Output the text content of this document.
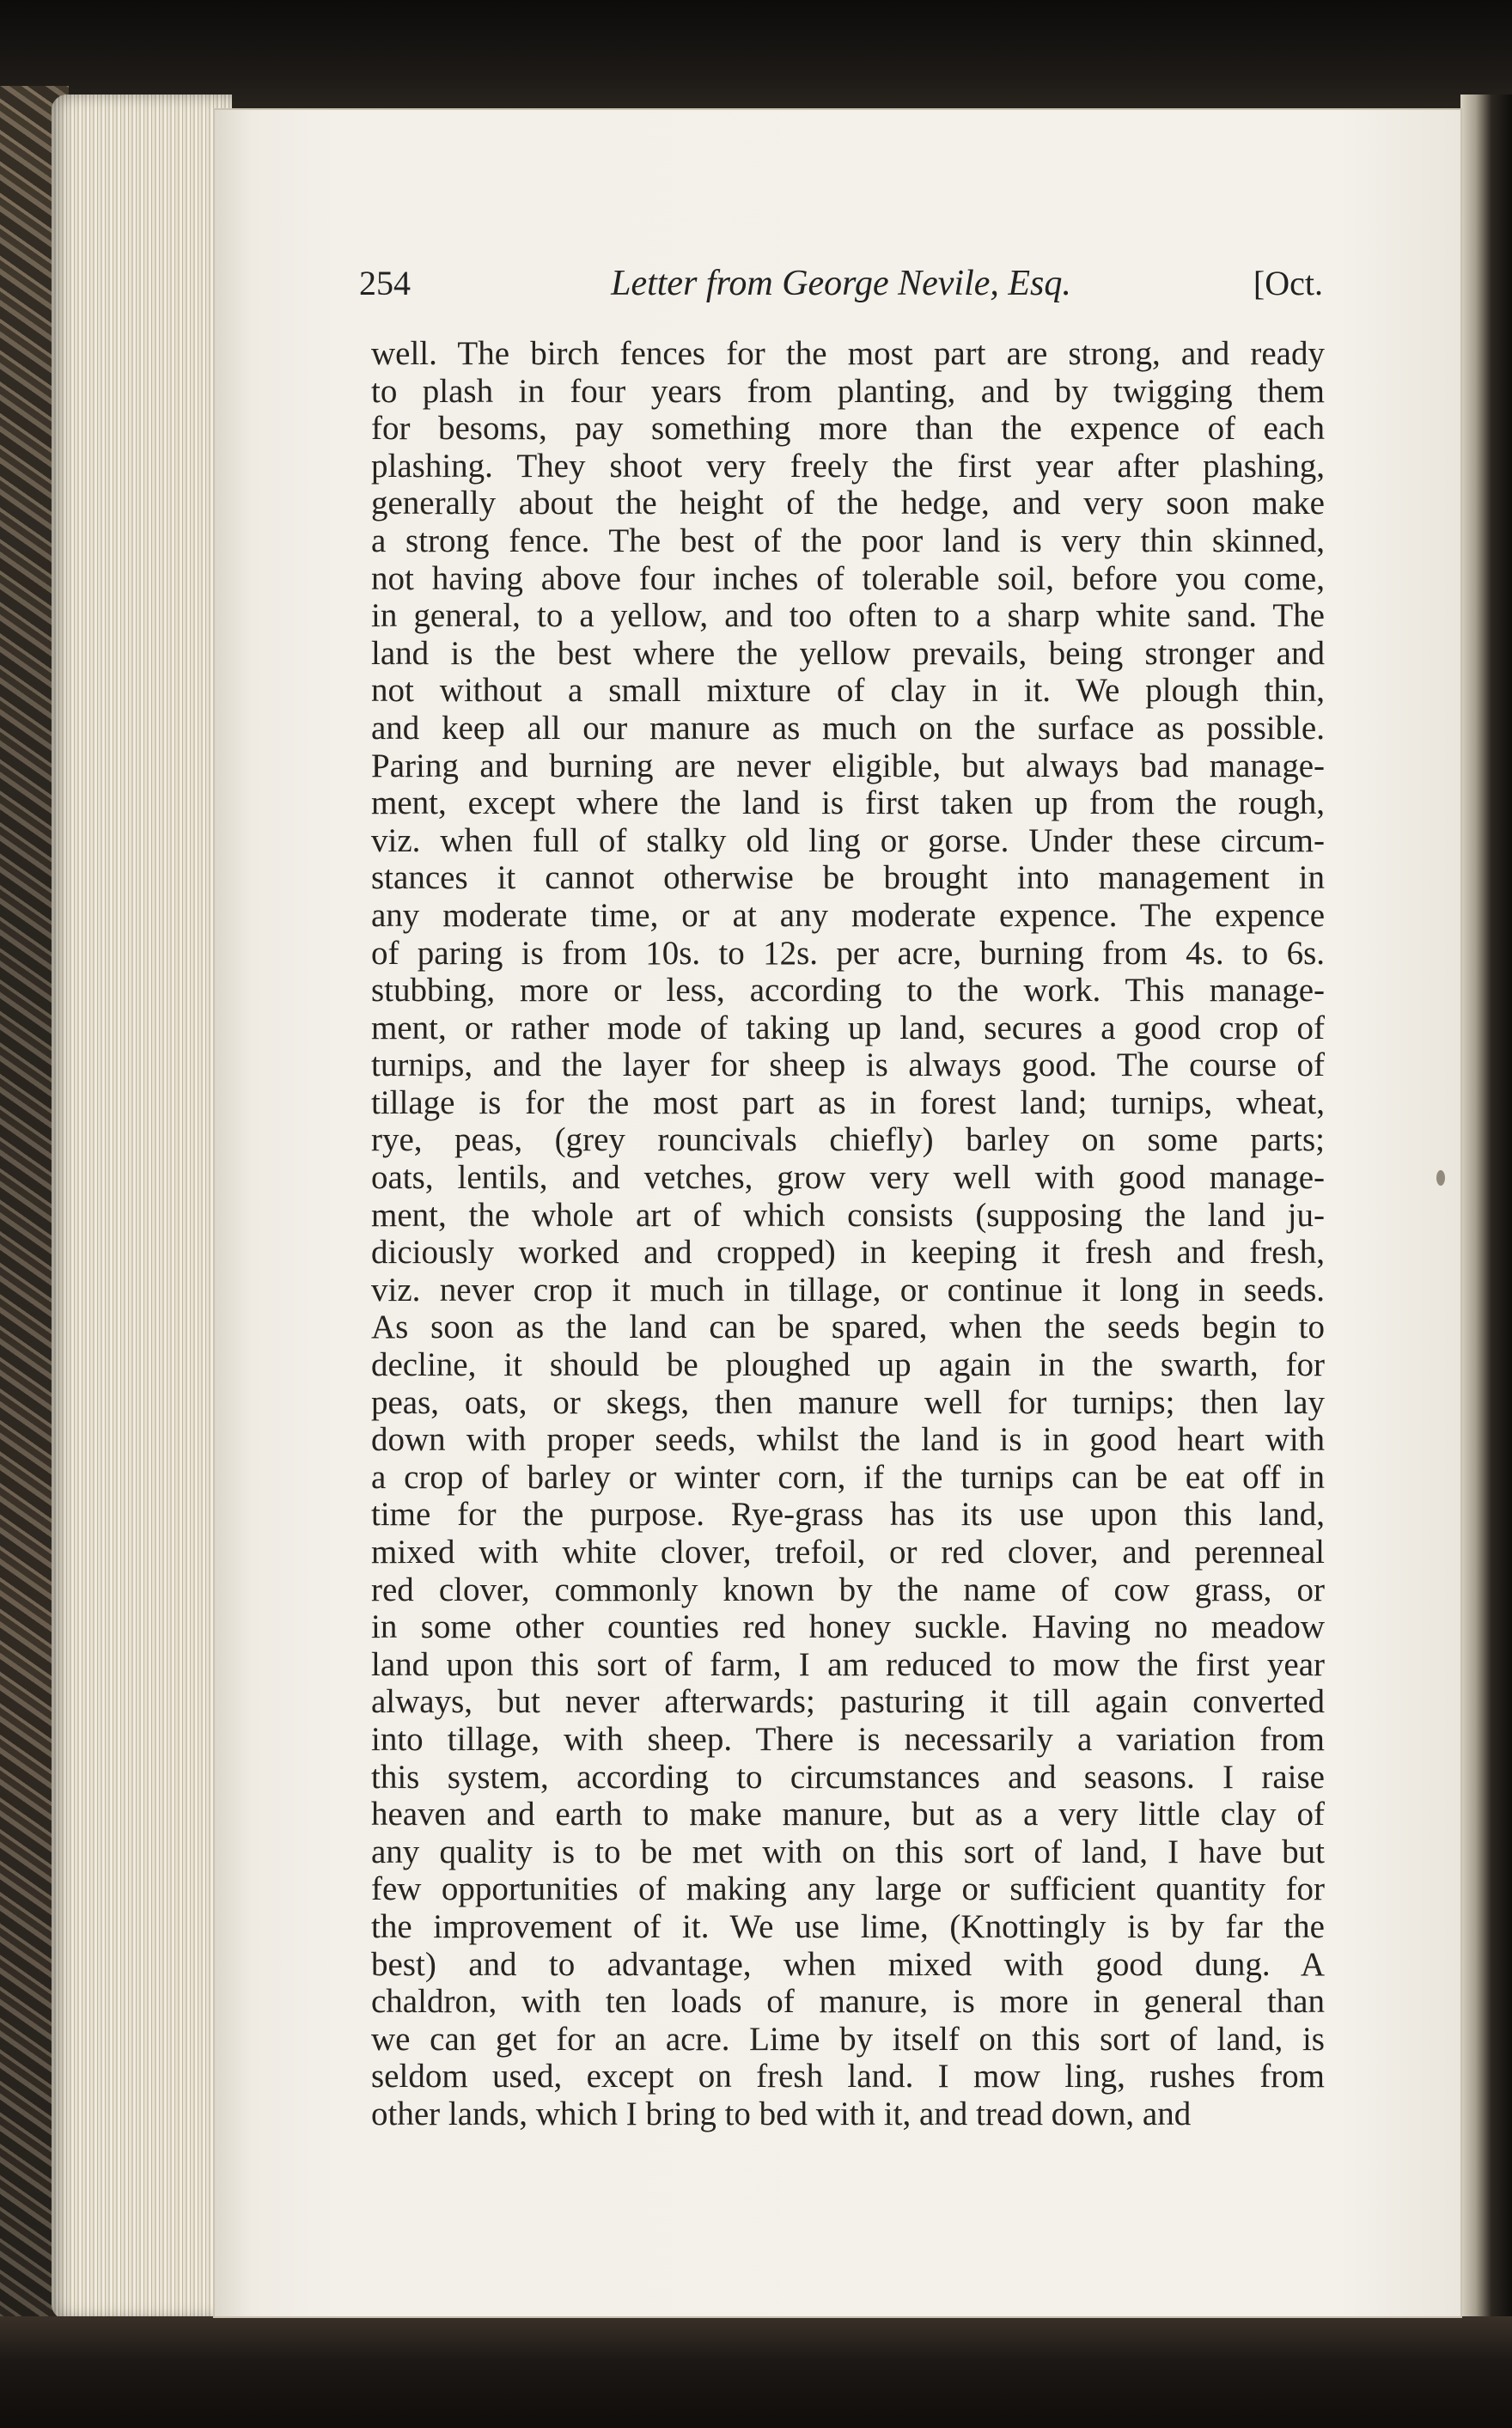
254	Letter from George Nevile, Esq.	[Oct.
well. The birch fences for the most part are strong, and ready
to plash in four years from planting, and by twigging them
for besoms, pay something more than the expence of each
plashing. They shoot very freely the first year after plashing,
generally about the height of the hedge, and very soon make
a strong fence. The best of the poor land is very thin skinned,
not having above four inches of tolerable soil, before you come,
in general, to a yellow, and too often to a sharp white sand. The
land is the best where the yellow prevails, being stronger and
not without a small mixture of clay in it. We plough thin,
and keep all our manure as much on the surface as possible.
Paring and burning are never eligible, but always bad manage-
ment, except where the land is first taken up from the rough,
viz. when full of stalky old ling or gorse. Under these circum-
stances it cannot otherwise be brought into management in
any moderate time, or at any moderate expence. The expence
of paring is from 10s. to 12s. per acre, burning from 4s. to 6s.
stubbing, more or less, according to the work. This manage-
ment, or rather mode of taking up land, secures a good crop of
turnips, and the layer for sheep is always good. The course of
tillage is for the most part as in forest land; turnips, wheat,
rye, peas, (grey rouncivals chiefly) barley on some parts;
oats, lentils, and vetches, grow very well with good manage-
ment, the whole art of which consists (supposing the land ju-
diciously worked and cropped) in keeping it fresh and fresh,
viz. never crop it much in tillage, or continue it long in seeds.
As soon as the land can be spared, when the seeds begin to
decline, it should be ploughed up again in the swarth, for
peas, oats, or skegs, then manure well for turnips; then lay
down with proper seeds, whilst the land is in good heart with
a crop of barley or winter corn, if the turnips can be eat off in
time for the purpose. Rye-grass has its use upon this land,
mixed with white clover, trefoil, or red clover, and perenneal
red clover, commonly known by the name of cow grass, or
in some other counties red honey suckle. Having no meadow
land upon this sort of farm, I am reduced to mow the first year
always, but never afterwards; pasturing it till again converted
into tillage, with sheep. There is necessarily a variation from
this system, according to circumstances and seasons. I raise
heaven and earth to make manure, but as a very little clay of
any quality is to be met with on this sort of land, I have but
few opportunities of making any large or sufficient quantity for
the improvement of it. We use lime, (Knottingly is by far the
best) and to advantage, when mixed with good dung. A
chaldron, with ten loads of manure, is more in general than
we can get for an acre. Lime by itself on this sort of land, is
seldom used, except on fresh land. I mow ling, rushes from
other lands, which I bring to bed with it, and tread down, and
